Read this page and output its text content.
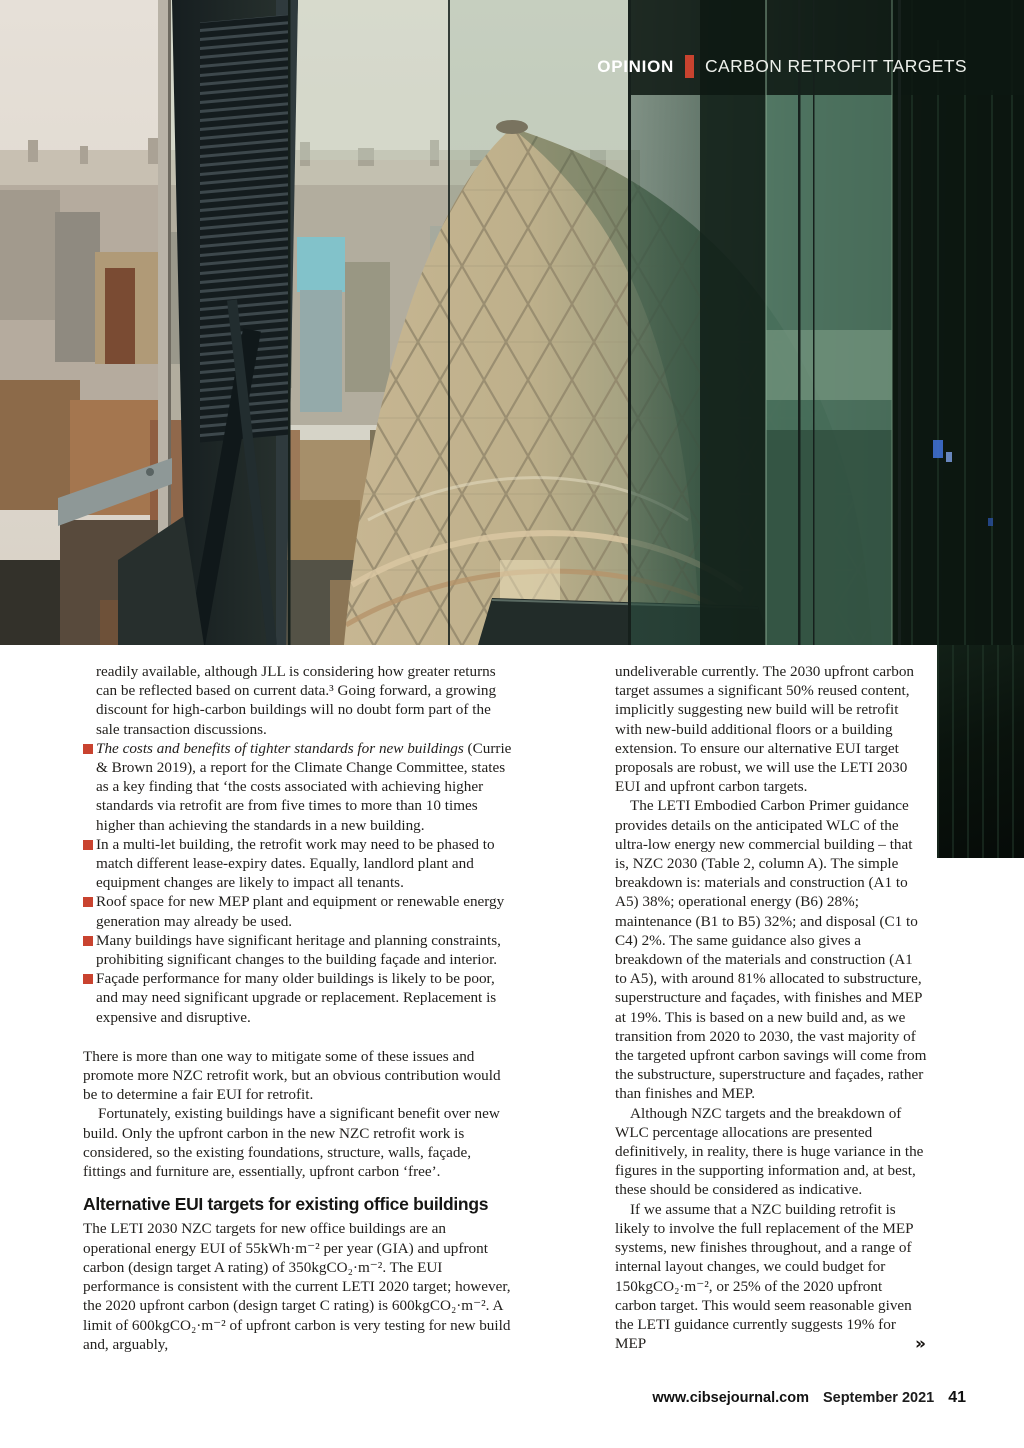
OPINION CARBON RETROFIT TARGETS

readily available, although JLL is considering how greater returns can be reflected based on current data.³ Going forward, a growing discount for high-carbon buildings will no doubt form part of the sale transaction discussions.

The costs and benefits of tighter standards for new buildings (Currie & Brown 2019), a report for the Climate Change Committee, states as a key finding that ‘the costs associated with achieving higher standards via retrofit are from five times to more than 10 times higher than achieving the standards in a new building.
In a multi-let building, the retrofit work may need to be phased to match different lease-expiry dates. Equally, landlord plant and equipment changes are likely to impact all tenants.
Roof space for new MEP plant and equipment or renewable energy generation may already be used.
Many buildings have significant heritage and planning constraints, prohibiting significant changes to the building façade and interior.
Façade performance for many older buildings is likely to be poor, and may need significant upgrade or replacement. Replacement is expensive and disruptive.

There is more than one way to mitigate some of these issues and promote more NZC retrofit work, but an obvious contribution would be to determine a fair EUI for retrofit.

Fortunately, existing buildings have a significant benefit over new build. Only the upfront carbon in the new NZC retrofit work is considered, so the existing foundations, structure, walls, façade, fittings and furniture are, essentially, upfront carbon ‘free’.

Alternative EUI targets for existing office buildings

The LETI 2030 NZC targets for new office buildings are an operational energy EUI of 55kWh·m⁻² per year (GIA) and upfront carbon (design target A rating) of 350kgCO₂·m⁻². The EUI performance is consistent with the current LETI 2020 target; however, the 2020 upfront carbon (design target C rating) is 600kgCO₂·m⁻². A limit of 600kgCO₂·m⁻² of upfront carbon is very testing for new build and, arguably,

undeliverable currently. The 2030 upfront carbon target assumes a significant 50% reused content, implicitly suggesting new build will be retrofit with new-build additional floors or a building extension. To ensure our alternative EUI target proposals are robust, we will use the LETI 2030 EUI and upfront carbon targets.

The LETI Embodied Carbon Primer guidance provides details on the anticipated WLC of the ultra-low energy new commercial building – that is, NZC 2030 (Table 2, column A). The simple breakdown is: materials and construction (A1 to A5) 38%; operational energy (B6) 28%; maintenance (B1 to B5) 32%; and disposal (C1 to C4) 2%. The same guidance also gives a breakdown of the materials and construction (A1 to A5), with around 81% allocated to substructure, superstructure and façades, with finishes and MEP at 19%. This is based on a new build and, as we transition from 2020 to 2030, the vast majority of the targeted upfront carbon savings will come from the substructure, superstructure and façades, rather than finishes and MEP.

Although NZC targets and the breakdown of WLC percentage allocations are presented definitively, in reality, there is huge variance in the figures in the supporting information and, at best, these should be considered as indicative.

If we assume that a NZC building retrofit is likely to involve the full replacement of the MEP systems, new finishes throughout, and a range of internal layout changes, we could budget for 150kgCO₂·m⁻², or 25% of the 2020 upfront carbon target. This would seem reasonable given the LETI guidance currently suggests 19% for MEP	»

www.cibsejournal.com September 2021 41
